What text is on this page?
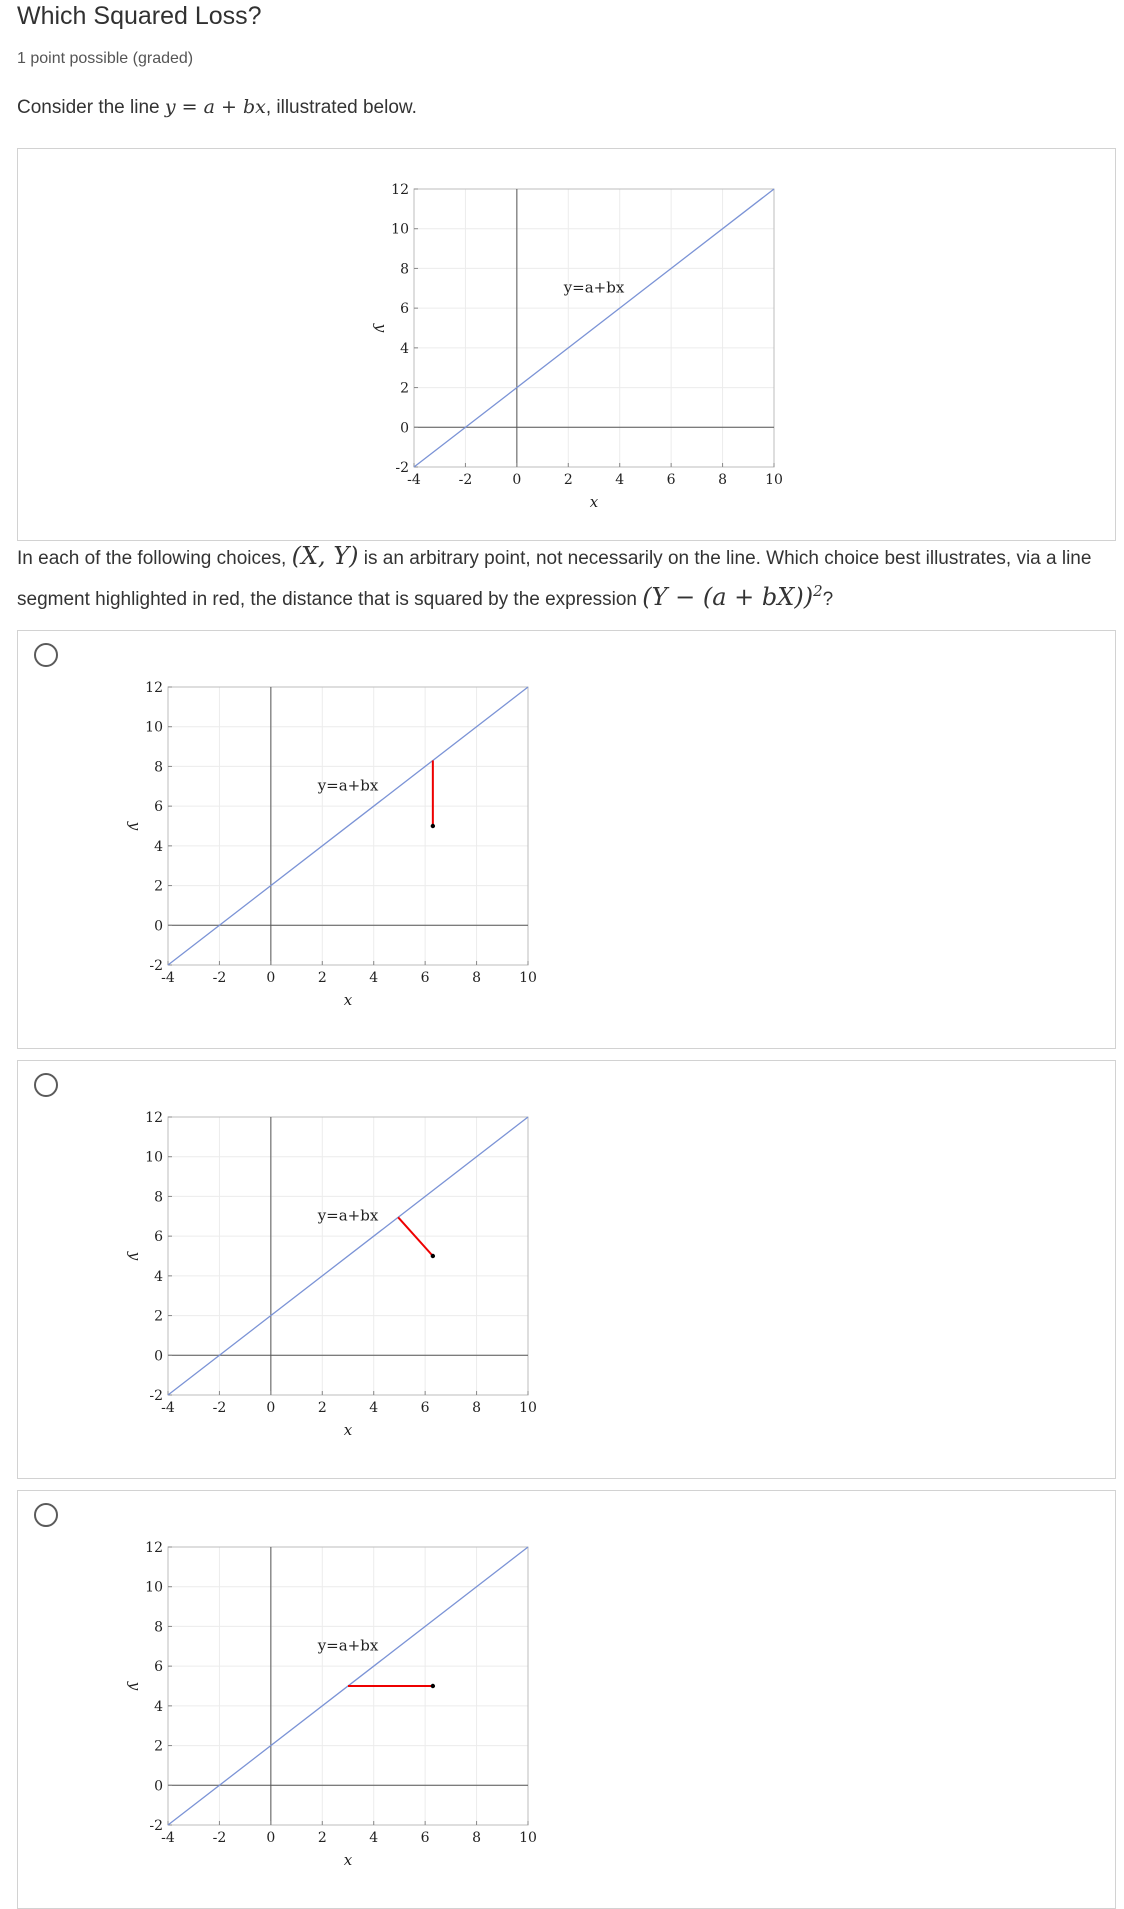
Which Squared Loss?
1 point possible (graded)
Consider the line y = a + bx, illustrated below.
-4	-2	0	2	4	6	8	10
-2
0
2
4
6
8
10
12
x
y
y=a+bx
In each of the following choices, (X, Y) is an arbitrary point, not necessarily on the line. Which choice best illustrates, via a line segment highlighted in red, the distance that is squared by the expression $(Y - (a + bX))^2$?
-4	-2	0	2	4	6	8	10
-2
0
2
4
6
8
10
12
x
y
y=a+bx
-4	-2	0	2	4	6	8	10
-2
0
2
4
6
8
10
12
x
y
y=a+bx
-4	-2	0	2	4	6	8	10
-2
0
2
4
6
8
10
12
x
y
y=a+bx
